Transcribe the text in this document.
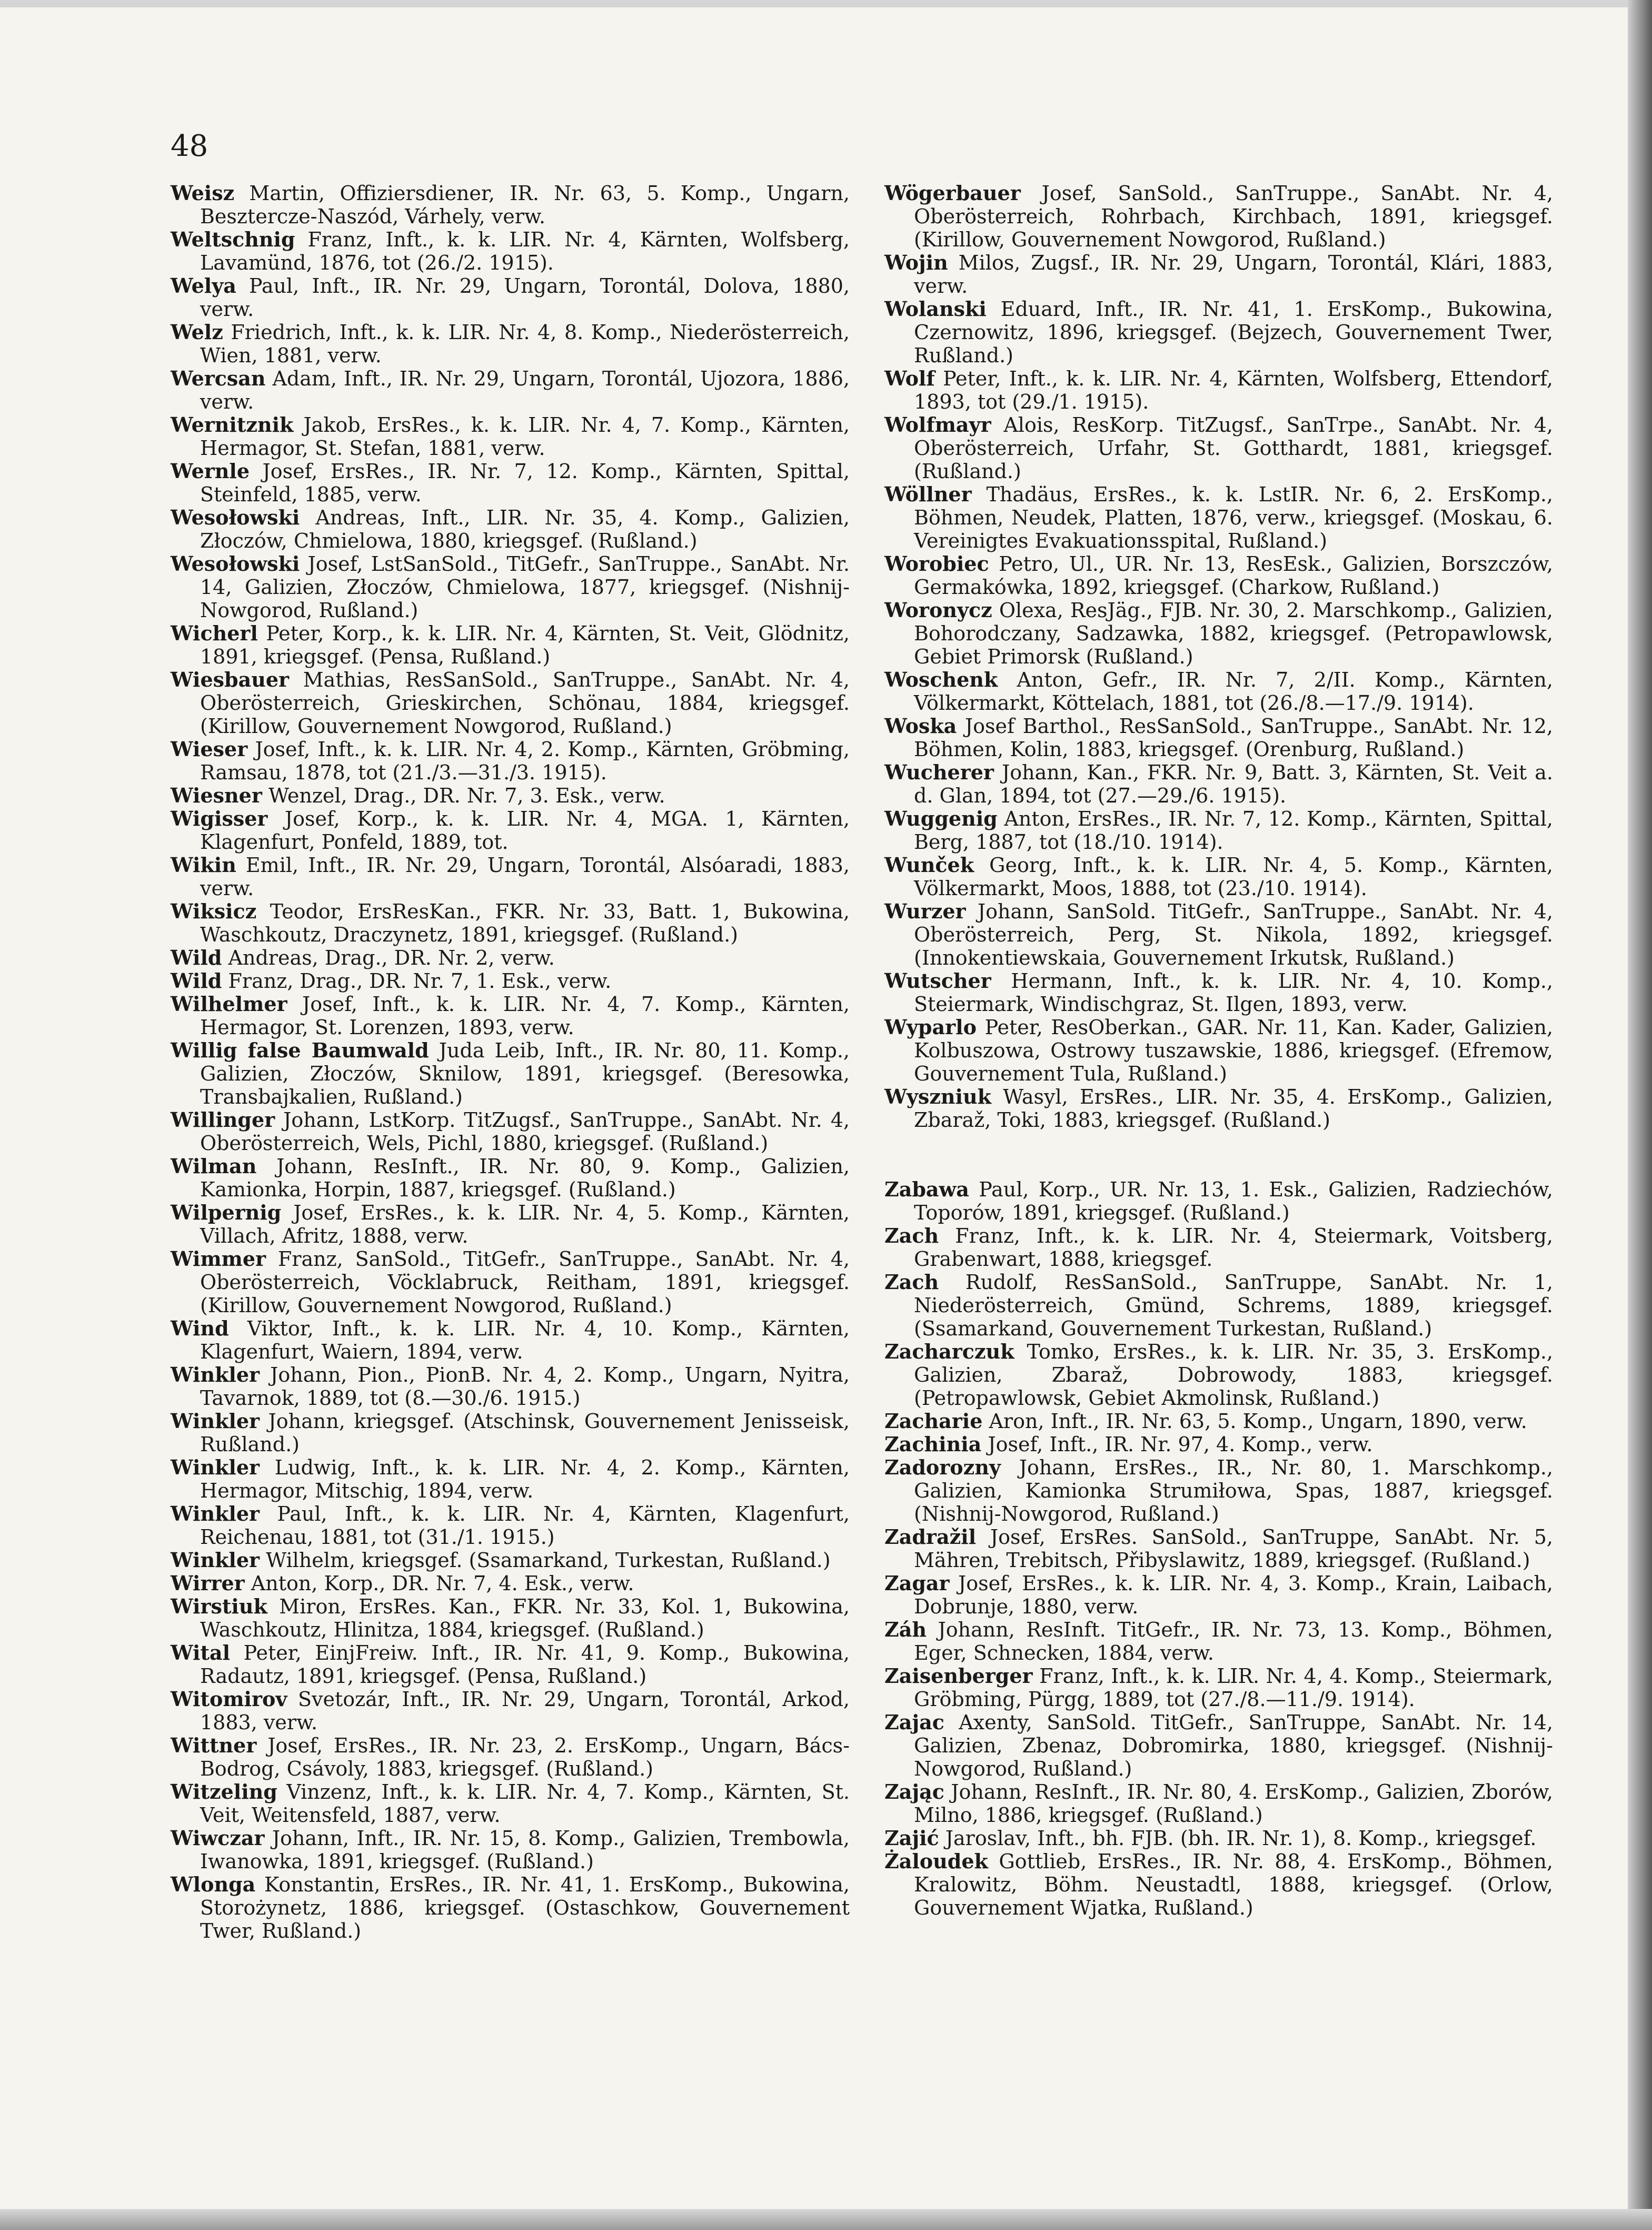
48

Weisz Martin, Offiziersdiener, IR. Nr. 63, 5. Komp., Ungarn, Besztercze-Naszód, Várhely, verw.

Weltschnig Franz, Inft., k. k. LIR. Nr. 4, Kärnten, Wolfsberg, Lavamünd, 1876, tot (26./2. 1915).

Welya Paul, Inft., IR. Nr. 29, Ungarn, Torontál, Dolova, 1880, verw.

Welz Friedrich, Inft., k. k. LIR. Nr. 4, 8. Komp., Niederösterreich, Wien, 1881, verw.

Wercsan Adam, Inft., IR. Nr. 29, Ungarn, Torontál, Ujozora, 1886, verw.

Wernitznik Jakob, ErsRes., k. k. LIR. Nr. 4, 7. Komp., Kärnten, Hermagor, St. Stefan, 1881, verw.

Wernle Josef, ErsRes., IR. Nr. 7, 12. Komp., Kärnten, Spittal, Steinfeld, 1885, verw.

Wesołowski Andreas, Inft., LIR. Nr. 35, 4. Komp., Galizien, Złoczów, Chmielowa, 1880, kriegsgef. (Rußland.)

Wesołowski Josef, LstSanSold., TitGefr., SanTruppe., SanAbt. Nr. 14, Galizien, Złoczów, Chmielowa, 1877, kriegsgef. (Nishnij-Nowgorod, Rußland.)

Wicherl Peter, Korp., k. k. LIR. Nr. 4, Kärnten, St. Veit, Glödnitz, 1891, kriegsgef. (Pensa, Rußland.)

Wiesbauer Mathias, ResSanSold., SanTruppe., SanAbt. Nr. 4, Oberösterreich, Grieskirchen, Schönau, 1884, kriegsgef. (Kirillow, Gouvernement Nowgorod, Rußland.)

Wieser Josef, Inft., k. k. LIR. Nr. 4, 2. Komp., Kärnten, Gröbming, Ramsau, 1878, tot (21./3.—31./3. 1915).

Wiesner Wenzel, Drag., DR. Nr. 7, 3. Esk., verw.

Wigisser Josef, Korp., k. k. LIR. Nr. 4, MGA. 1, Kärnten, Klagenfurt, Ponfeld, 1889, tot.

Wikin Emil, Inft., IR. Nr. 29, Ungarn, Torontál, Alsóaradi, 1883, verw.

Wiksicz Teodor, ErsResKan., FKR. Nr. 33, Batt. 1, Bukowina, Waschkoutz, Draczynetz, 1891, kriegsgef. (Rußland.)

Wild Andreas, Drag., DR. Nr. 2, verw.

Wild Franz, Drag., DR. Nr. 7, 1. Esk., verw.

Wilhelmer Josef, Inft., k. k. LIR. Nr. 4, 7. Komp., Kärnten, Hermagor, St. Lorenzen, 1893, verw.

Willig false Baumwald Juda Leib, Inft., IR. Nr. 80, 11. Komp., Galizien, Złoczów, Sknilow, 1891, kriegsgef. (Beresowka, Transbajkalien, Rußland.)

Willinger Johann, LstKorp. TitZugsf., SanTruppe., SanAbt. Nr. 4, Oberösterreich, Wels, Pichl, 1880, kriegsgef. (Rußland.)

Wilman Johann, ResInft., IR. Nr. 80, 9. Komp., Galizien, Kamionka, Horpin, 1887, kriegsgef. (Rußland.)

Wilpernig Josef, ErsRes., k. k. LIR. Nr. 4, 5. Komp., Kärnten, Villach, Afritz, 1888, verw.

Wimmer Franz, SanSold., TitGefr., SanTruppe., SanAbt. Nr. 4, Oberösterreich, Vöcklabruck, Reitham, 1891, kriegsgef. (Kirillow, Gouvernement Nowgorod, Rußland.)

Wind Viktor, Inft., k. k. LIR. Nr. 4, 10. Komp., Kärnten, Klagenfurt, Waiern, 1894, verw.

Winkler Johann, Pion., PionB. Nr. 4, 2. Komp., Ungarn, Nyitra, Tavarnok, 1889, tot (8.—30./6. 1915.)

Winkler Johann, kriegsgef. (Atschinsk, Gouvernement Jenisseisk, Rußland.)

Winkler Ludwig, Inft., k. k. LIR. Nr. 4, 2. Komp., Kärnten, Hermagor, Mitschig, 1894, verw.

Winkler Paul, Inft., k. k. LIR. Nr. 4, Kärnten, Klagenfurt, Reichenau, 1881, tot (31./1. 1915.)

Winkler Wilhelm, kriegsgef. (Ssamarkand, Turkestan, Rußland.)

Wirrer Anton, Korp., DR. Nr. 7, 4. Esk., verw.

Wirstiuk Miron, ErsRes. Kan., FKR. Nr. 33, Kol. 1, Bukowina, Waschkoutz, Hlinitza, 1884, kriegsgef. (Rußland.)

Wital Peter, EinjFreiw. Inft., IR. Nr. 41, 9. Komp., Bukowina, Radautz, 1891, kriegsgef. (Pensa, Rußland.)

Witomirov Svetozár, Inft., IR. Nr. 29, Ungarn, Torontál, Arkod, 1883, verw.

Wittner Josef, ErsRes., IR. Nr. 23, 2. ErsKomp., Ungarn, Bács-Bodrog, Csávoly, 1883, kriegsgef. (Rußland.)

Witzeling Vinzenz, Inft., k. k. LIR. Nr. 4, 7. Komp., Kärnten, St. Veit, Weitensfeld, 1887, verw.

Wiwczar Johann, Inft., IR. Nr. 15, 8. Komp., Galizien, Trembowla, Iwanowka, 1891, kriegsgef. (Rußland.)

Wlonga Konstantin, ErsRes., IR. Nr. 41, 1. ErsKomp., Bukowina, Storożynetz, 1886, kriegsgef. (Ostaschkow, Gouvernement Twer, Rußland.)

Wögerbauer Josef, SanSold., SanTruppe., SanAbt. Nr. 4, Oberösterreich, Rohrbach, Kirchbach, 1891, kriegsgef. (Kirillow, Gouvernement Nowgorod, Rußland.)

Wojin Milos, Zugsf., IR. Nr. 29, Ungarn, Torontál, Klári, 1883, verw.

Wolanski Eduard, Inft., IR. Nr. 41, 1. ErsKomp., Bukowina, Czernowitz, 1896, kriegsgef. (Bejzech, Gouvernement Twer, Rußland.)

Wolf Peter, Inft., k. k. LIR. Nr. 4, Kärnten, Wolfsberg, Ettendorf, 1893, tot (29./1. 1915).

Wolfmayr Alois, ResKorp. TitZugsf., SanTrpe., SanAbt. Nr. 4, Oberösterreich, Urfahr, St. Gotthardt, 1881, kriegsgef. (Rußland.)

Wöllner Thadäus, ErsRes., k. k. LstIR. Nr. 6, 2. ErsKomp., Böhmen, Neudek, Platten, 1876, verw., kriegsgef. (Moskau, 6. Vereinigtes Evakuationsspital, Rußland.)

Worobiec Petro, Ul., UR. Nr. 13, ResEsk., Galizien, Borszczów, Germakówka, 1892, kriegsgef. (Charkow, Rußland.)

Woronycz Olexa, ResJäg., FJB. Nr. 30, 2. Marschkomp., Galizien, Bohorodczany, Sadzawka, 1882, kriegsgef. (Petropawlowsk, Gebiet Primorsk (Rußland.)

Woschenk Anton, Gefr., IR. Nr. 7, 2/II. Komp., Kärnten, Völkermarkt, Köttelach, 1881, tot (26./8.—17./9. 1914).

Woska Josef Barthol., ResSanSold., SanTruppe., SanAbt. Nr. 12, Böhmen, Kolin, 1883, kriegsgef. (Orenburg, Rußland.)

Wucherer Johann, Kan., FKR. Nr. 9, Batt. 3, Kärnten, St. Veit a. d. Glan, 1894, tot (27.—29./6. 1915).

Wuggenig Anton, ErsRes., IR. Nr. 7, 12. Komp., Kärnten, Spittal, Berg, 1887, tot (18./10. 1914).

Wunček Georg, Inft., k. k. LIR. Nr. 4, 5. Komp., Kärnten, Völkermarkt, Moos, 1888, tot (23./10. 1914).

Wurzer Johann, SanSold. TitGefr., SanTruppe., SanAbt. Nr. 4, Oberösterreich, Perg, St. Nikola, 1892, kriegsgef. (Innokentiewskaia, Gouvernement Irkutsk, Rußland.)

Wutscher Hermann, Inft., k. k. LIR. Nr. 4, 10. Komp., Steiermark, Windischgraz, St. Ilgen, 1893, verw.

Wyparlo Peter, ResOberkan., GAR. Nr. 11, Kan. Kader, Galizien, Kolbuszowa, Ostrowy tuszawskie, 1886, kriegsgef. (Efremow, Gouvernement Tula, Rußland.)

Wyszniuk Wasyl, ErsRes., LIR. Nr. 35, 4. ErsKomp., Galizien, Zbaraž, Toki, 1883, kriegsgef. (Rußland.)

Zabawa Paul, Korp., UR. Nr. 13, 1. Esk., Galizien, Radziechów, Toporów, 1891, kriegsgef. (Rußland.)

Zach Franz, Inft., k. k. LIR. Nr. 4, Steiermark, Voitsberg, Grabenwart, 1888, kriegsgef.

Zach Rudolf, ResSanSold., SanTruppe, SanAbt. Nr. 1, Niederösterreich, Gmünd, Schrems, 1889, kriegsgef. (Ssamarkand, Gouvernement Turkestan, Rußland.)

Zacharczuk Tomko, ErsRes., k. k. LIR. Nr. 35, 3. ErsKomp., Galizien, Zbaraž, Dobrowody, 1883, kriegsgef. (Petropawlowsk, Gebiet Akmolinsk, Rußland.)

Zacharie Aron, Inft., IR. Nr. 63, 5. Komp., Ungarn, 1890, verw.

Zachinia Josef, Inft., IR. Nr. 97, 4. Komp., verw.

Zadorozny Johann, ErsRes., IR., Nr. 80, 1. Marschkomp., Galizien, Kamionka Strumiłowa, Spas, 1887, kriegsgef. (Nishnij-Nowgorod, Rußland.)

Zadražil Josef, ErsRes. SanSold., SanTruppe, SanAbt. Nr. 5, Mähren, Trebitsch, Přibyslawitz, 1889, kriegsgef. (Rußland.)

Zagar Josef, ErsRes., k. k. LIR. Nr. 4, 3. Komp., Krain, Laibach, Dobrunje, 1880, verw.

Záh Johann, ResInft. TitGefr., IR. Nr. 73, 13. Komp., Böhmen, Eger, Schnecken, 1884, verw.

Zaisenberger Franz, Inft., k. k. LIR. Nr. 4, 4. Komp., Steiermark, Gröbming, Pürgg, 1889, tot (27./8.—11./9. 1914).

Zajac Axenty, SanSold. TitGefr., SanTruppe, SanAbt. Nr. 14, Galizien, Zbenaz, Dobromirka, 1880, kriegsgef. (Nishnij-Nowgorod, Rußland.)

Zając Johann, ResInft., IR. Nr. 80, 4. ErsKomp., Galizien, Zborów, Milno, 1886, kriegsgef. (Rußland.)

Zajić Jaroslav, Inft., bh. FJB. (bh. IR. Nr. 1), 8. Komp., kriegsgef.

Żaloudek Gottlieb, ErsRes., IR. Nr. 88, 4. ErsKomp., Böhmen, Kralowitz, Böhm. Neustadtl, 1888, kriegsgef. (Orlow, Gouvernement Wjatka, Rußland.)
